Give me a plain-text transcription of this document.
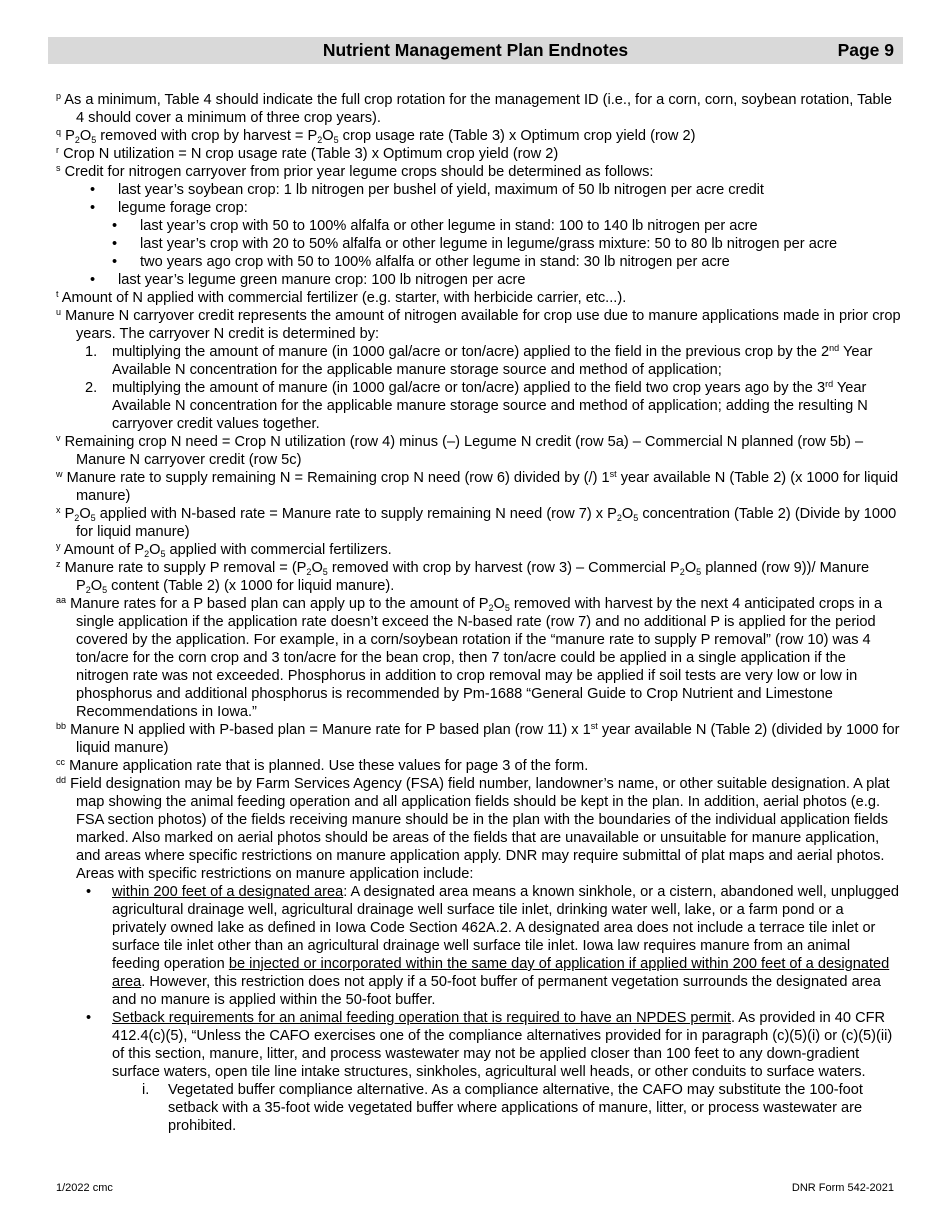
Nutrient Management Plan Endnotes	Page 9
$^p$ As a minimum, Table 4 should indicate the full crop rotation for the management ID (i.e., for a corn, corn, soybean rotation, Table 4 should cover a minimum of three crop years).
$^q$ $P_2O_5$ removed with crop by harvest = $P_2O_5$ crop usage rate (Table 3) x Optimum crop yield (row 2)
$^r$ Crop N utilization = N crop usage rate (Table 3) x Optimum crop yield (row 2)
$^s$ Credit for nitrogen carryover from prior year legume crops should be determined as follows:
• last year’s soybean crop: 1 lb nitrogen per bushel of yield, maximum of 50 lb nitrogen per acre credit
• legume forage crop:
• last year’s crop with 50 to 100% alfalfa or other legume in stand: 100 to 140 lb nitrogen per acre
• last year’s crop with 20 to 50% alfalfa or other legume in legume/grass mixture: 50 to 80 lb nitrogen per acre
• two years ago crop with 50 to 100% alfalfa or other legume in stand: 30 lb nitrogen per acre
• last year’s legume green manure crop: 100 lb nitrogen per acre
$^t$ Amount of N applied with commercial fertilizer (e.g. starter, with herbicide carrier, etc...).
$^u$ Manure N carryover credit represents the amount of nitrogen available for crop use due to manure applications made in prior crop years. The carryover N credit is determined by:
1. multiplying the amount of manure (in 1000 gal/acre or ton/acre) applied to the field in the previous crop by the 2nd Year Available N concentration for the applicable manure storage source and method of application;
2. multiplying the amount of manure (in 1000 gal/acre or ton/acre) applied to the field two crop years ago by the 3rd Year Available N concentration for the applicable manure storage source and method of application; adding the resulting N carryover credit values together.
$^v$ Remaining crop N need = Crop N utilization (row 4) minus (–) Legume N credit (row 5a) – Commercial N planned (row 5b) – Manure N carryover credit (row 5c)
$^w$ Manure rate to supply remaining N = Remaining crop N need (row 6) divided by (/) 1st year available N (Table 2) (x 1000 for liquid manure)
$^x$ $P_2O_5$ applied with N-based rate = Manure rate to supply remaining N need (row 7) x $P_2O_5$ concentration (Table 2) (Divide by 1000 for liquid manure)
$^y$ Amount of $P_2O_5$ applied with commercial fertilizers.
$^z$ Manure rate to supply P removal = ($P_2O_5$ removed with crop by harvest (row 3) – Commercial $P_2O_5$ planned (row 9))/ Manure $P_2O_5$ content (Table 2) (x 1000 for liquid manure).
$^{aa}$ Manure rates for a P based plan can apply up to the amount of $P_2O_5$ removed with harvest by the next 4 anticipated crops in a single application if the application rate doesn’t exceed the N-based rate (row 7) and no additional P is applied for the period covered by the application. For example, in a corn/soybean rotation if the “manure rate to supply P removal” (row 10) was 4 ton/acre for the corn crop and 3 ton/acre for the bean crop, then 7 ton/acre could be applied in a single application if the nitrogen rate was not exceeded. Phosphorus in addition to crop removal may be applied if soil tests are very low or low in phosphorus and additional phosphorus is recommended by Pm-1688 “General Guide to Crop Nutrient and Limestone Recommendations in Iowa.”
$^{bb}$ Manure N applied with P-based plan = Manure rate for P based plan (row 11) x 1st year available N (Table 2) (divided by 1000 for liquid manure)
$^{cc}$ Manure application rate that is planned. Use these values for page 3 of the form.
$^{dd}$ Field designation may be by Farm Services Agency (FSA) field number, landowner’s name, or other suitable designation. A plat map showing the animal feeding operation and all application fields should be kept in the plan. In addition, aerial photos (e.g. FSA section photos) of the fields receiving manure should be in the plan with the boundaries of the individual application fields marked. Also marked on aerial photos should be areas of the fields that are unavailable or unsuitable for manure application, and areas where specific restrictions on manure application apply. DNR may require submittal of plat maps and aerial photos. Areas with specific restrictions on manure application include:
• within 200 feet of a designated area: A designated area means a known sinkhole, or a cistern, abandoned well, unplugged agricultural drainage well, agricultural drainage well surface tile inlet, drinking water well, lake, or a farm pond or a privately owned lake as defined in Iowa Code Section 462A.2. A designated area does not include a terrace tile inlet or surface tile inlet other than an agricultural drainage well surface tile inlet. Iowa law requires manure from an animal feeding operation be injected or incorporated within the same day of application if applied within 200 feet of a designated area. However, this restriction does not apply if a 50-foot buffer of permanent vegetation surrounds the designated area and no manure is applied within the 50-foot buffer.
• Setback requirements for an animal feeding operation that is required to have an NPDES permit. As provided in 40 CFR 412.4(c)(5), “Unless the CAFO exercises one of the compliance alternatives provided for in paragraph (c)(5)(i) or (c)(5)(ii) of this section, manure, litter, and process wastewater may not be applied closer than 100 feet to any down-gradient surface waters, open tile line intake structures, sinkholes, agricultural well heads, or other conduits to surface waters.
i. Vegetated buffer compliance alternative. As a compliance alternative, the CAFO may substitute the 100-foot setback with a 35-foot wide vegetated buffer where applications of manure, litter, or process wastewater are prohibited.
1/2022 cmc	DNR Form 542-2021
